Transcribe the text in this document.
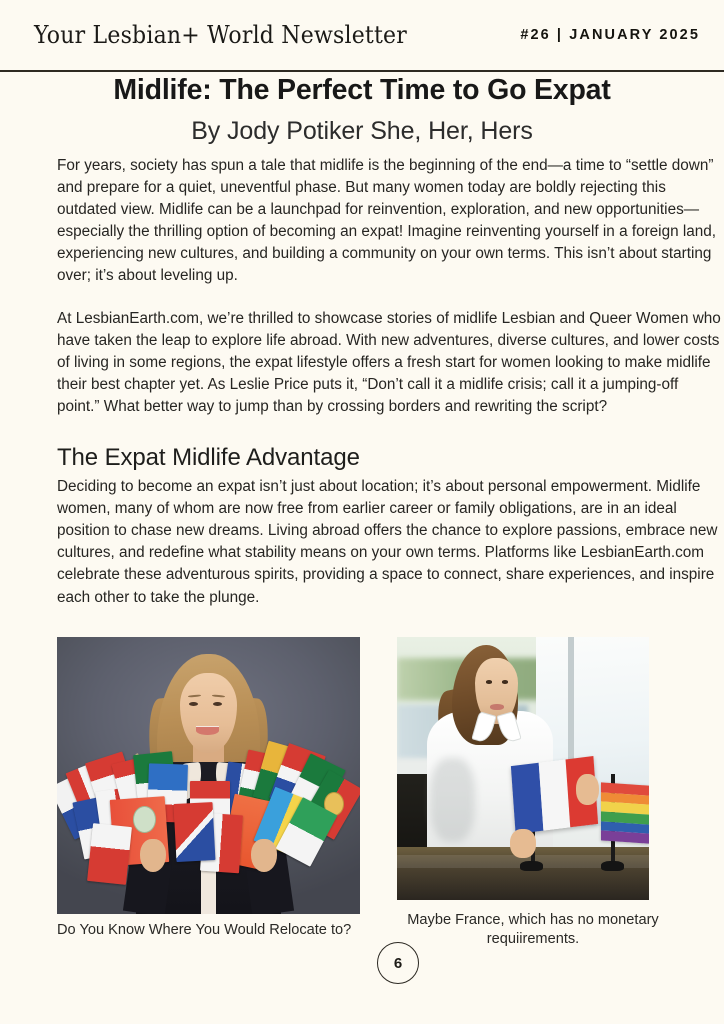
Your Lesbian+ World Newsletter	#26 | JANUARY 2025
Midlife: The Perfect Time to Go Expat
By Jody Potiker She, Her, Hers

For years, society has spun a tale that midlife is the beginning of the end—a time to “settle down” and prepare for a quiet, uneventful phase. But many women today are boldly rejecting this outdated view. Midlife can be a launchpad for reinvention, exploration, and new opportunities—especially the thrilling option of becoming an expat! Imagine reinventing yourself in a foreign land, experiencing new cultures, and building a community on your own terms. This isn’t about starting over; it’s about leveling up.

At LesbianEarth.com, we’re thrilled to showcase stories of midlife Lesbian and Queer Women who have taken the leap to explore life abroad. With new adventures, diverse cultures, and lower costs of living in some regions, the expat lifestyle offers a fresh start for women looking to make midlife their best chapter yet. As Leslie Price puts it, “Don’t call it a midlife crisis; call it a jumping-off point.” What better way to jump than by crossing borders and rewriting the script?

The Expat Midlife Advantage

Deciding to become an expat isn’t just about location; it’s about personal empowerment. Midlife women, many of whom are now free from earlier career or family obligations, are in an ideal position to chase new dreams. Living abroad offers the chance to explore passions, embrace new cultures, and redefine what stability means on your own terms. Platforms like LesbianEarth.com celebrate these adventurous spirits, providing a space to connect, share experiences, and inspire each other to take the plunge.

Do You Know Where You Would Relocate to?
Maybe France, which has no monetary requiirements.
6
